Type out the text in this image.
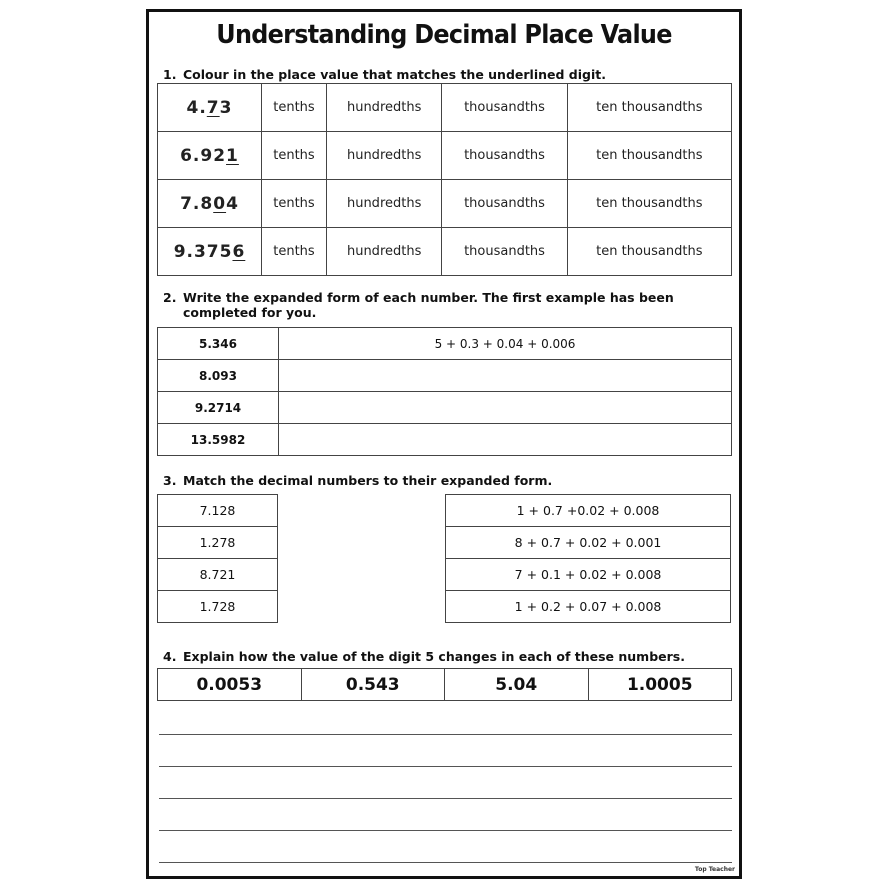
Understanding Decimal Place Value
1. Colour in the place value that matches the underlined digit.
4.73	tenths	hundredths	thousandths	ten thousandths
6.921	tenths	hundredths	thousandths	ten thousandths
7.804	tenths	hundredths	thousandths	ten thousandths
9.3756	tenths	hundredths	thousandths	ten thousandths
2. Write the expanded form of each number. The first example has been
completed for you.
5.346	5 + 0.3 + 0.04 + 0.006
8.093	
9.2714	
13.5982	
3. Match the decimal numbers to their expanded form.
7.128
1.278
8.721
1.728
1 + 0.7 +0.02 + 0.008
8 + 0.7 + 0.02 + 0.001
7 + 0.1 + 0.02 + 0.008
1 + 0.2 + 0.07 + 0.008
4. Explain how the value of the digit 5 changes in each of these numbers.
0.0053	0.543	5.04	1.0005
Top Teacher
